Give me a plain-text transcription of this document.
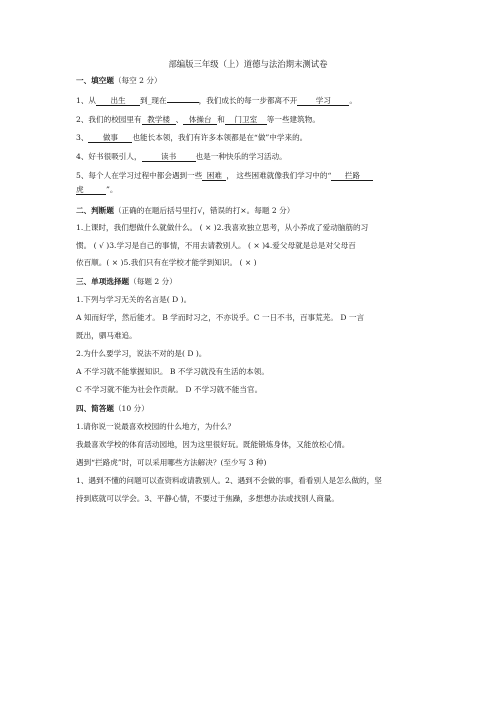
部编版三年级（上）道德与法治期末测试卷
一、填空题（每空 2 分）
1、从 出生 到_现在	，我们成长的每一步都离不开 学习 。
2、我们的校园里有 教学楼 、 体操台 和 门卫室 等一些建筑物。
3、 做事 也能长本领，我们有许多本领都是在“做”中学来的。
4、好书很吸引人，	读书	也是一种快乐的学习活动。
5、每个人在学习过程中都会遇到一些 困难 ， 这些困难就像我们学习中的“ 拦路
虎	”。
二、判断题（正确的在题后括号里打√，错误的打×。每题 2 分）
1.上课时，我们想做什么就做什么。 ( × )2.我喜欢独立思考，从小养成了爱动脑筋的习
惯。 ( √ )3.学习是自己的事情，不用去请教别人。 ( × )4.爱父母就是总是对父母百
依百顺。( × )5.我们只有在学校才能学到知识。 ( × )
三、单项选择题（每题 2 分）
1.下列与学习无关的名言是( D )。
A 知而好学，然后能才。 B 学而时习之，不亦说乎。C 一日不书，百事荒芜。 D 一言
既出，驷马难追。
2.为什么要学习，说法不对的是( D )。
A 不学习就不能掌握知识。 B 不学习就没有生活的本领。
C 不学习就不能为社会作贡献。 D 不学习就不能当官。
四、简答题（10 分）
1.请你说一说最喜欢校园的什么地方，为什么？
我最喜欢学校的体育活动园地，因为这里很好玩。既能锻炼身体，又能放松心情。
遇到“拦路虎”时，可以采用哪些方法解决？(至少写 3 种)
1、遇到不懂的问题可以查资料或请教别人。2、遇到不会做的事，看看别人是怎么做的，坚
持到底就可以学会。3、平静心情，不要过于焦躁，多想想办法或找别人商量。
